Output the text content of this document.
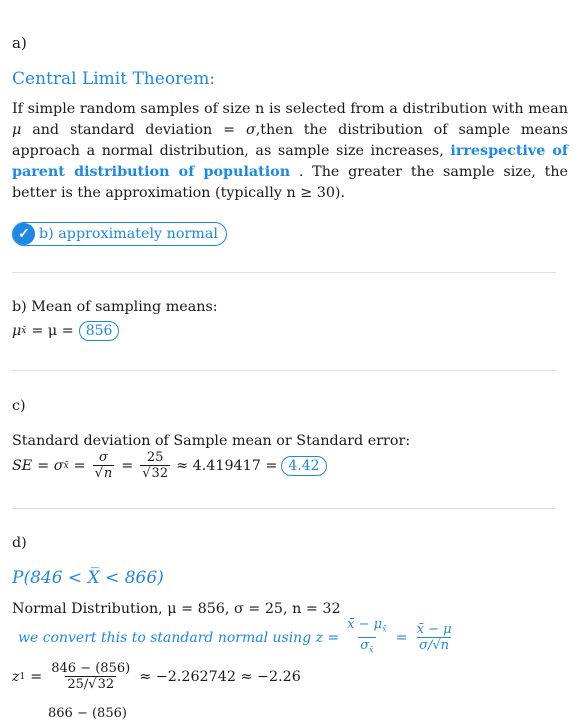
a)
Central Limit Theorem:
If simple random samples of size n is selected from a distribution with mean μ and standard deviation = σ,then the distribution of sample means approach a normal distribution, as sample size increases, irrespective of parent distribution of population . The greater the sample size, the better is the approximation (typically n ≥ 30).
✓ b) approximately normal
b) Mean of sampling means:
μ x̄ = μ = 856
c)
Standard deviation of Sample mean or Standard error:
SE = σ x̄ = $\frac{\sigma}{√n} = \frac{25}{√32} \approx 4.419417 = 4.42$
d)
P(846 < X̅ < 866)
Normal Distribution, μ = 856, σ = 25, n = 32
we convert this to standard normal using $z = \frac{x̄ - \mu_{x̄}}{\sigma_{x̄}} = \frac{x̄ - \mu}{\sigma/√n}$
z $1 = \frac{846 - (856)}{25/√32} \approx -2.262742 \approx -2.26$
866 − (856)
